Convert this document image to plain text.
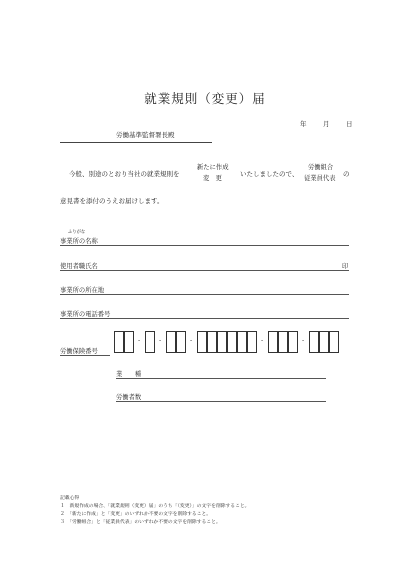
就業規則（変更）届
年	月	日
労働基準監督署長殿
今般、別途のとおり当社の就業規則を
新たに作成
変　更
いたしましたので、
労働組合
従業員代表
の
意見書を添付のうえお届けします。
ふりがな
事業所の名称
使用者職氏名	印
事業所の所在地
事業所の電話番号
労働保険番号
-	-	-	-	-
業　　種
労働者数
記載心得
１　新規作成の場合、「就業規則（変更）届」のうち「（変更）」の文字を削除すること。
２　「新たに作成」と「変更」のいずれか不要の文字を削除すること。
３　「労働組合」と「従業員代表」のいずれか不要の文字を削除すること。
